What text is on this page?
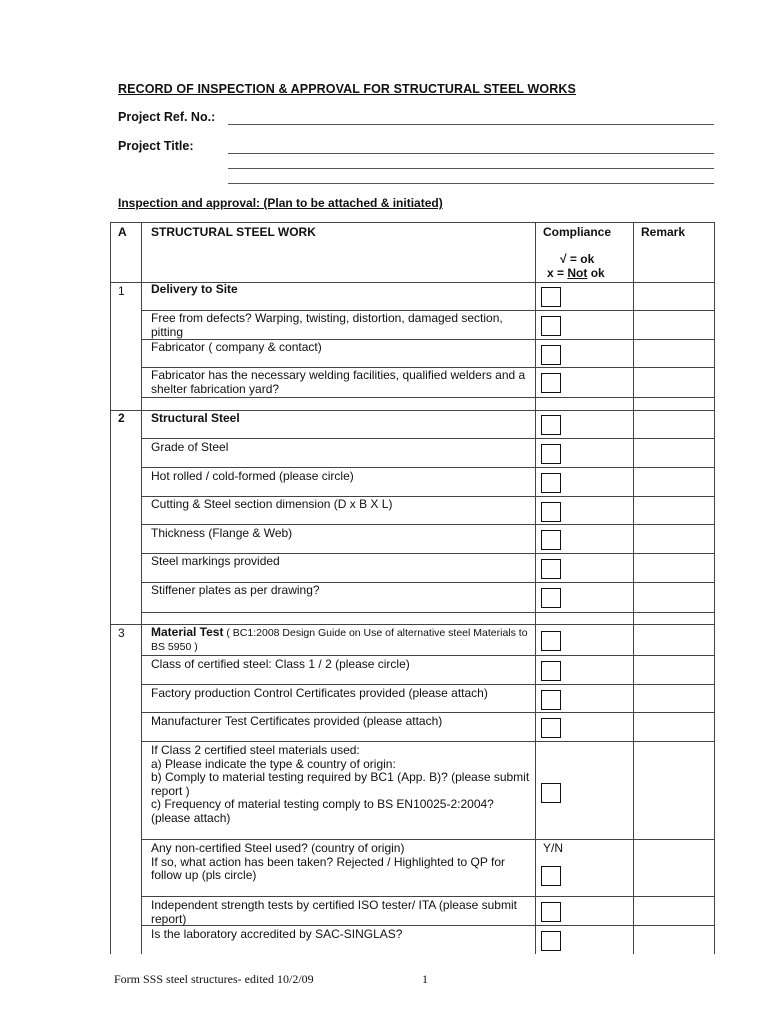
RECORD OF INSPECTION & APPROVAL FOR STRUCTURAL STEEL WORKS
Project Ref. No.:
Project Title:
Inspection and approval: (Plan to be attached & initiated)
A STRUCTURAL STEEL WORK	Compliance
√ = ok
x = Not ok
Remark
1 Delivery to Site
Free from defects? Warping, twisting, distortion, damaged section, pitting
Fabricator ( company & contact)
Fabricator has the necessary welding facilities, qualified welders and a shelter fabrication yard?
2 Structural Steel
Grade of Steel
Hot rolled / cold-formed (please circle)
Cutting & Steel section dimension (D x B X L)
Thickness (Flange & Web)
Steel markings provided
Stiffener plates as per drawing?
3 Material Test ( BC1:2008 Design Guide on Use of alternative steel Materials to BS 5950 )
Class of certified steel: Class 1 / 2 (please circle)
Factory production Control Certificates provided (please attach)
Manufacturer Test Certificates provided (please attach)
If Class 2 certified steel materials used:
a) Please indicate the type & country of origin:
b) Comply to material testing required by BC1 (App. B)? (please submit report )
c) Frequency of material testing comply to BS EN10025-2:2004? (please attach)
Any non-certified Steel used? (country of origin)
If so, what action has been taken? Rejected / Highlighted to QP for follow up (pls circle)
Y/N
Independent strength tests by certified ISO tester/ ITA (please submit report)
Is the laboratory accredited by SAC-SINGLAS?
Form SSS steel structures- edited 10/2/09	1
